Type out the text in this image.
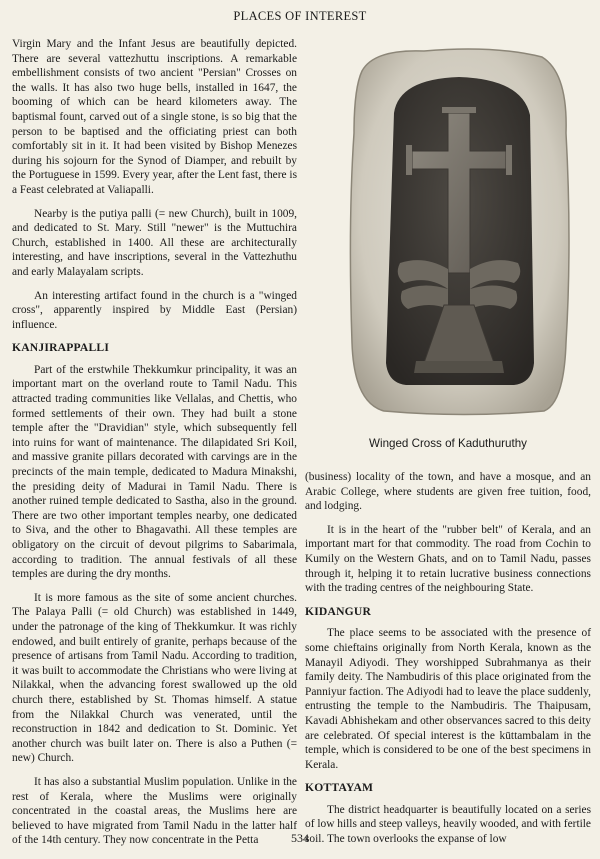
PLACES OF INTEREST

Virgin Mary and the Infant Jesus are beautifully depicted. There are several vattezhuttu inscriptions. A remarkable embellishment consists of two ancient "Persian" Crosses on the walls. It has also two huge bells, installed in 1647, the booming of which can be heard kilometers away. The baptismal fount, carved out of a single stone, is so big that the person to be baptised and the officiating priest can both comfortably sit in it. It had been visited by Bishop Menezes during his sojourn for the Synod of Diamper, and rebuilt by the Portuguese in 1599. Every year, after the Lent fast, there is a Feast celebrated at Valiapalli.

Nearby is the putiya palli (= new Church), built in 1009, and dedicated to St. Mary. Still "newer" is the Muttuchira Church, established in 1400. All these are architecturally interesting, and have inscriptions, several in the Vattezhuthu and early Malayalam scripts.

An interesting artifact found in the church is a "winged cross", apparently inspired by Middle East (Persian) influence.

KANJIRAPPALLI

Part of the erstwhile Thekkumkur principality, it was an important mart on the overland route to Tamil Nadu. This attracted trading communities like Vellalas, and Chettis, who formed settlements of their own. They had built a stone temple after the "Dravidian" style, which subsequently fell into ruins for want of maintenance. The dilapidated Sri Koil, and massive granite pillars decorated with carvings are in the precincts of the main temple, dedicated to Madura Minakshi, the presiding deity of Madurai in Tamil Nadu. There is another ruined temple dedicated to Sastha, also in the ground. There are two other important temples nearby, one dedicated to Siva, and the other to Bhagavathi. All these temples are obligatory on the circuit of devout pilgrims to Sabarimala, according to tradition. The annual festivals of all these temples are during the dry months.

It is more famous as the site of some ancient churches. The Palaya Palli (= old Church) was established in 1449, under the patronage of the king of Thekkumkur. It was richly endowed, and built entirely of granite, perhaps because of the presence of artisans from Tamil Nadu. According to tradition, it was built to accommodate the Christians who were living at Nilakkal, when the advancing forest swallowed up the old church there, established by St. Thomas himself. A statue from the Nilakkal Church was venerated, until the reconstruction in 1842 and dedication to St. Dominic. Yet another church was built later on. There is also a Puthen (= new) Church.

It has also a substantial Muslim population. Unlike in the rest of Kerala, where the Muslims were originally concentrated in the coastal areas, the Muslims here are believed to have migrated from Tamil Nadu in the latter half of the 14th century. They now concentrate in the Petta

Winged Cross of Kaduthuruthy

(business) locality of the town, and have a mosque, and an Arabic College, where students are given free tuition, food, and lodging.

It is in the heart of the "rubber belt" of Kerala, and an important mart for that commodity. The road from Cochin to Kumily on the Western Ghats, and on to Tamil Nadu, passes through it, helping it to retain lucrative business connections with the trading centres of the neighbouring State.

KIDANGUR

The place seems to be associated with the presence of some chieftains originally from North Kerala, known as the Manayil Adiyodi. They worshipped Subrahmanya as their family deity. The Nambudiris of this place originated from the Panniyur faction. The Adiyodi had to leave the place suddenly, entrusting the temple to the Nambudiris. The Thaipusam, Kavadi Abhishekam and other observances sacred to this deity are celebrated. Of special interest is the kūttambalam in the temple, which is considered to be one of the best specimens in Kerala.

KOTTAYAM

The district headquarter is beautifully located on a series of low hills and steep valleys, heavily wooded, and with fertile soil. The town overlooks the expanse of low

534
